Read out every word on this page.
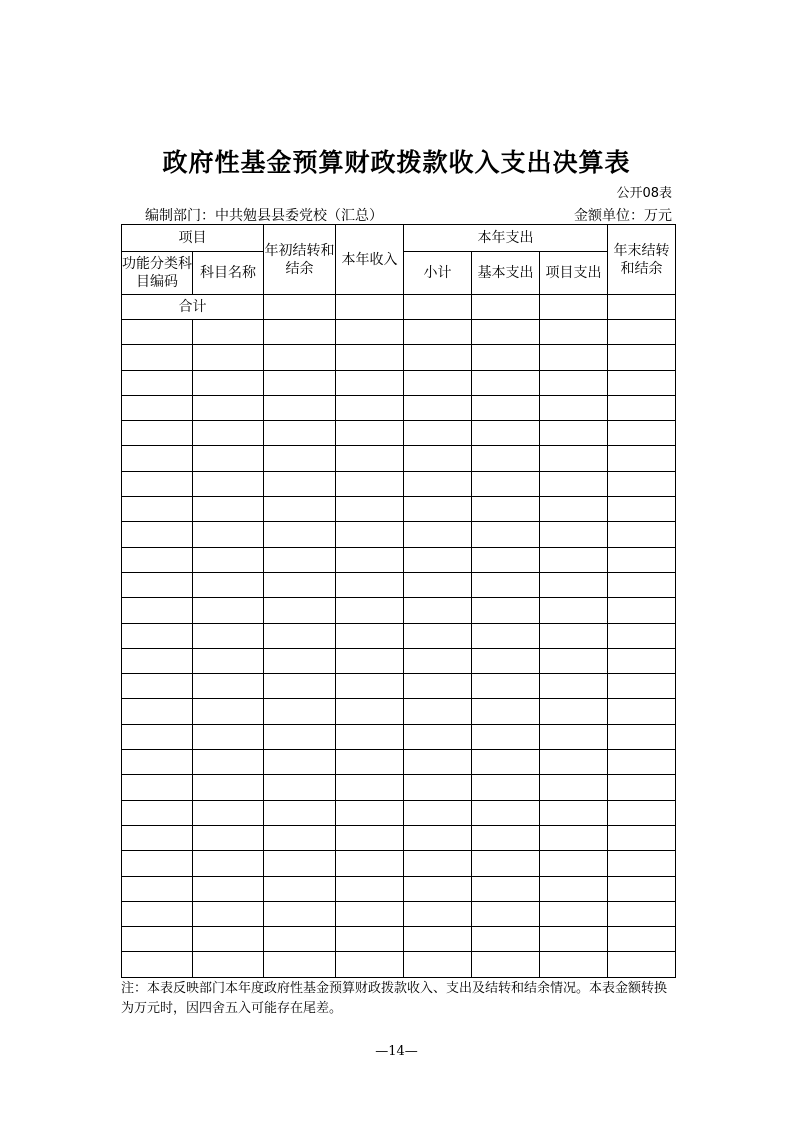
政府性基金预算财政拨款收入支出决算表
公开08表
编制部门：中共勉县县委党校（汇总）	金额单位：万元
项目		年初结转和结余	本年收入	本年支出			年末结转和结余
功能分类科目编码	科目名称			小计	基本支出	项目支出	
合计							

注：本表反映部门本年度政府性基金预算财政拨款收入、支出及结转和结余情况。本表金额转换为万元时，因四舍五入可能存在尾差。
—14—
